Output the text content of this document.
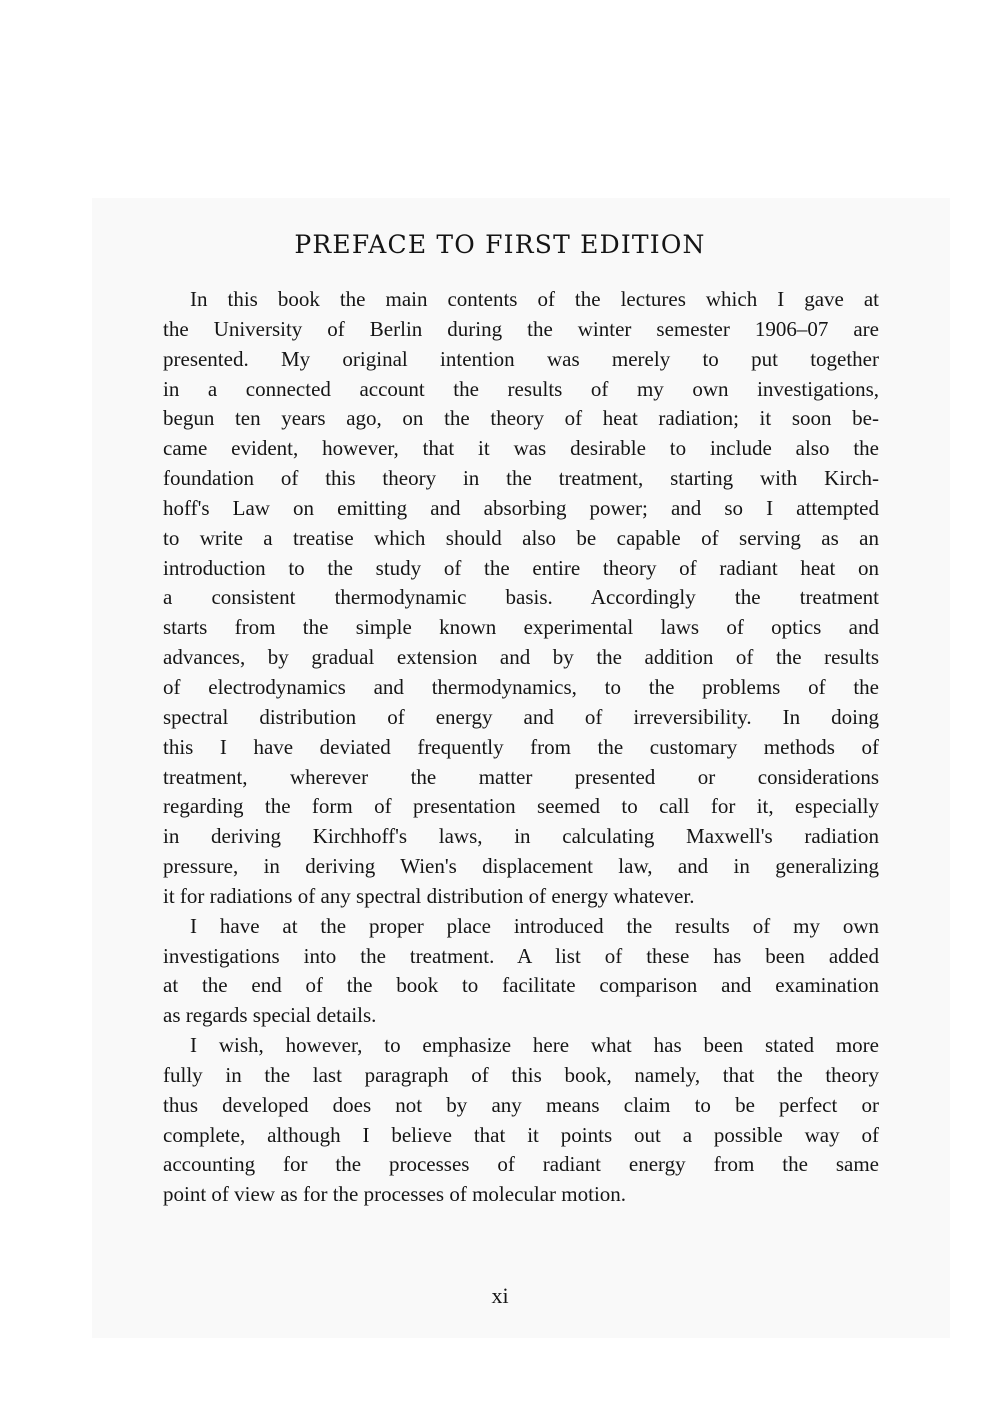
PREFACE TO FIRST EDITION

In this book the main contents of the lectures which I gave at
the University of Berlin during the winter semester 1906–07 are
presented. My original intention was merely to put together
in a connected account the results of my own investigations,
begun ten years ago, on the theory of heat radiation; it soon be-
came evident, however, that it was desirable to include also the
foundation of this theory in the treatment, starting with Kirch-
hoff's Law on emitting and absorbing power; and so I attempted
to write a treatise which should also be capable of serving as an
introduction to the study of the entire theory of radiant heat on
a consistent thermodynamic basis. Accordingly the treatment
starts from the simple known experimental laws of optics and
advances, by gradual extension and by the addition of the results
of electrodynamics and thermodynamics, to the problems of the
spectral distribution of energy and of irreversibility. In doing
this I have deviated frequently from the customary methods of
treatment, wherever the matter presented or considerations
regarding the form of presentation seemed to call for it, especially
in deriving Kirchhoff's laws, in calculating Maxwell's radiation
pressure, in deriving Wien's displacement law, and in generalizing
it for radiations of any spectral distribution of energy whatever.

I have at the proper place introduced the results of my own
investigations into the treatment. A list of these has been added
at the end of the book to facilitate comparison and examination
as regards special details.

I wish, however, to emphasize here what has been stated more
fully in the last paragraph of this book, namely, that the theory
thus developed does not by any means claim to be perfect or
complete, although I believe that it points out a possible way of
accounting for the processes of radiant energy from the same
point of view as for the processes of molecular motion.

xi
